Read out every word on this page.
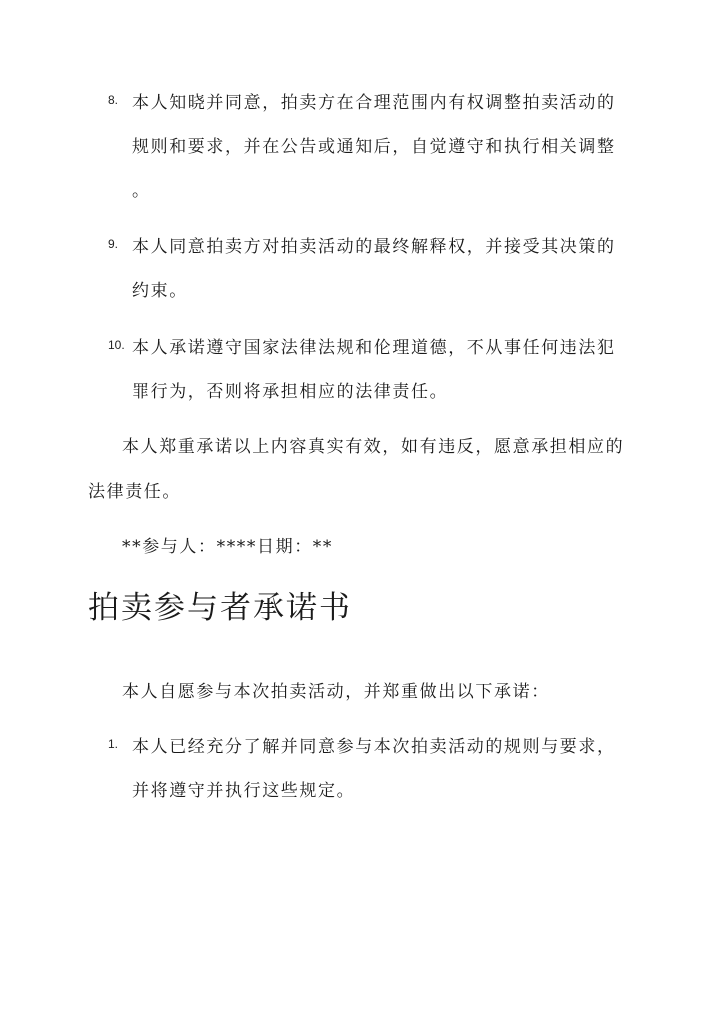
8. 本人知晓并同意，拍卖方在合理范围内有权调整拍卖活动的
规则和要求，并在公告或通知后，自觉遵守和执行相关调整
。
9. 本人同意拍卖方对拍卖活动的最终解释权，并接受其决策的
约束。
10. 本人承诺遵守国家法律法规和伦理道德，不从事任何违法犯
罪行为，否则将承担相应的法律责任。
本人郑重承诺以上内容真实有效，如有违反，愿意承担相应的
法律责任。
**参与人：****日期：**
拍卖参与者承诺书
本人自愿参与本次拍卖活动，并郑重做出以下承诺：
1. 本人已经充分了解并同意参与本次拍卖活动的规则与要求，
并将遵守并执行这些规定。
